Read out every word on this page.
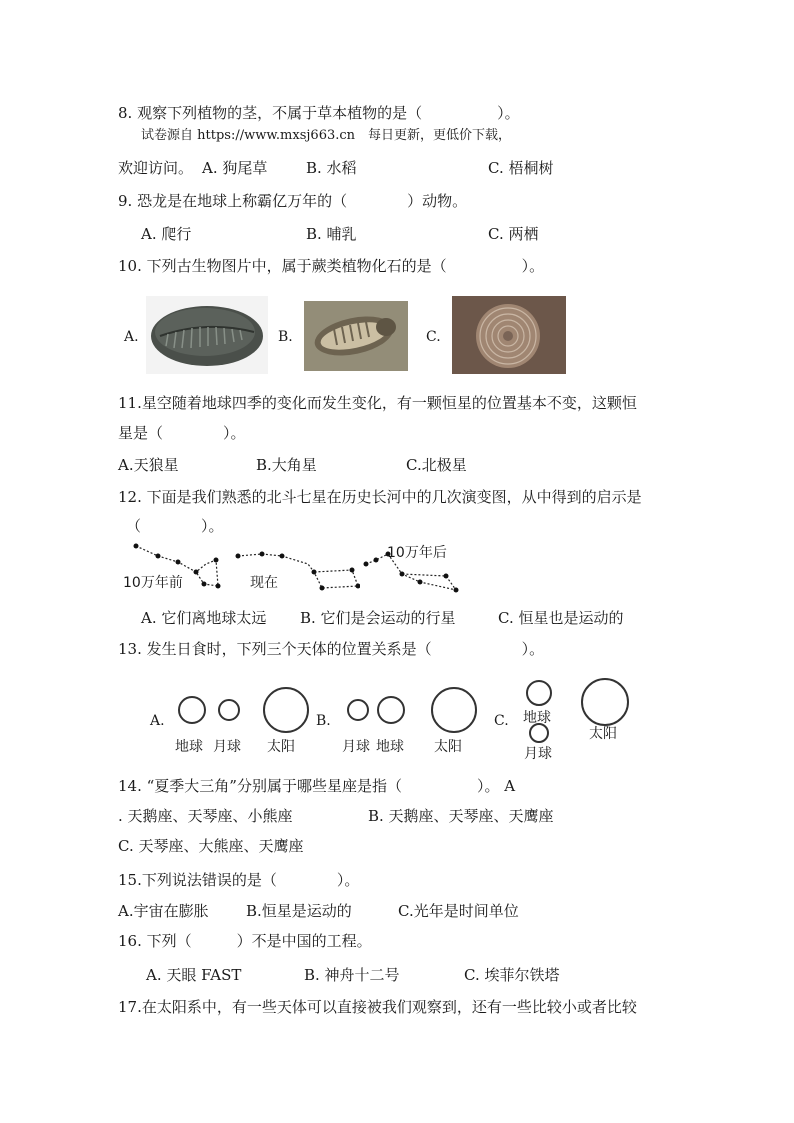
8. 观察下列植物的茎，不属于草本植物的是（　　　　　）。
试卷源自 https://www.mxsj663.cn　每日更新，更低价下载，
欢迎访问。 A. 狗尾草	B. 水稻	C. 梧桐树
9. 恐龙是在地球上称霸亿万年的（　　　　）动物。
A. 爬行	B. 哺乳	C. 两栖
10. 下列古生物图片中，属于蕨类植物化石的是（　　　　　）。
A.	B.	C.
11.星空随着地球四季的变化而发生变化，有一颗恒星的位置基本不变，这颗恒
星是（　　　　）。
A.天狼星	B.大角星	C.北极星
12. 下面是我们熟悉的北斗七星在历史长河中的几次演变图，从中得到的启示是
（　　　　）。
10万年前	现在
10万年后
A. 它们离地球太远 B. 它们是会运动的行星	C. 恒星也是运动的
13. 发生日食时，下列三个天体的位置关系是（　　　　　　）。
A.
地球 月球 太阳
B.
月球 地球 太阳
C. 地球
月球
太阳
14. “夏季大三角”分别属于哪些星座是指（　　　　　）。 A
. 天鹅座、天琴座、小熊座	B. 天鹅座、天琴座、天鹰座
C. 天琴座、大熊座、天鹰座
15.下列说法错误的是（　　　　）。
A.宇宙在膨胀 B.恒星是运动的	C.光年是时间单位
16. 下列（　　　）不是中国的工程。
A. 天眼 FAST	B. 神舟十二号	C. 埃菲尔铁塔
17.在太阳系中，有一些天体可以直接被我们观察到，还有一些比较小或者比较
